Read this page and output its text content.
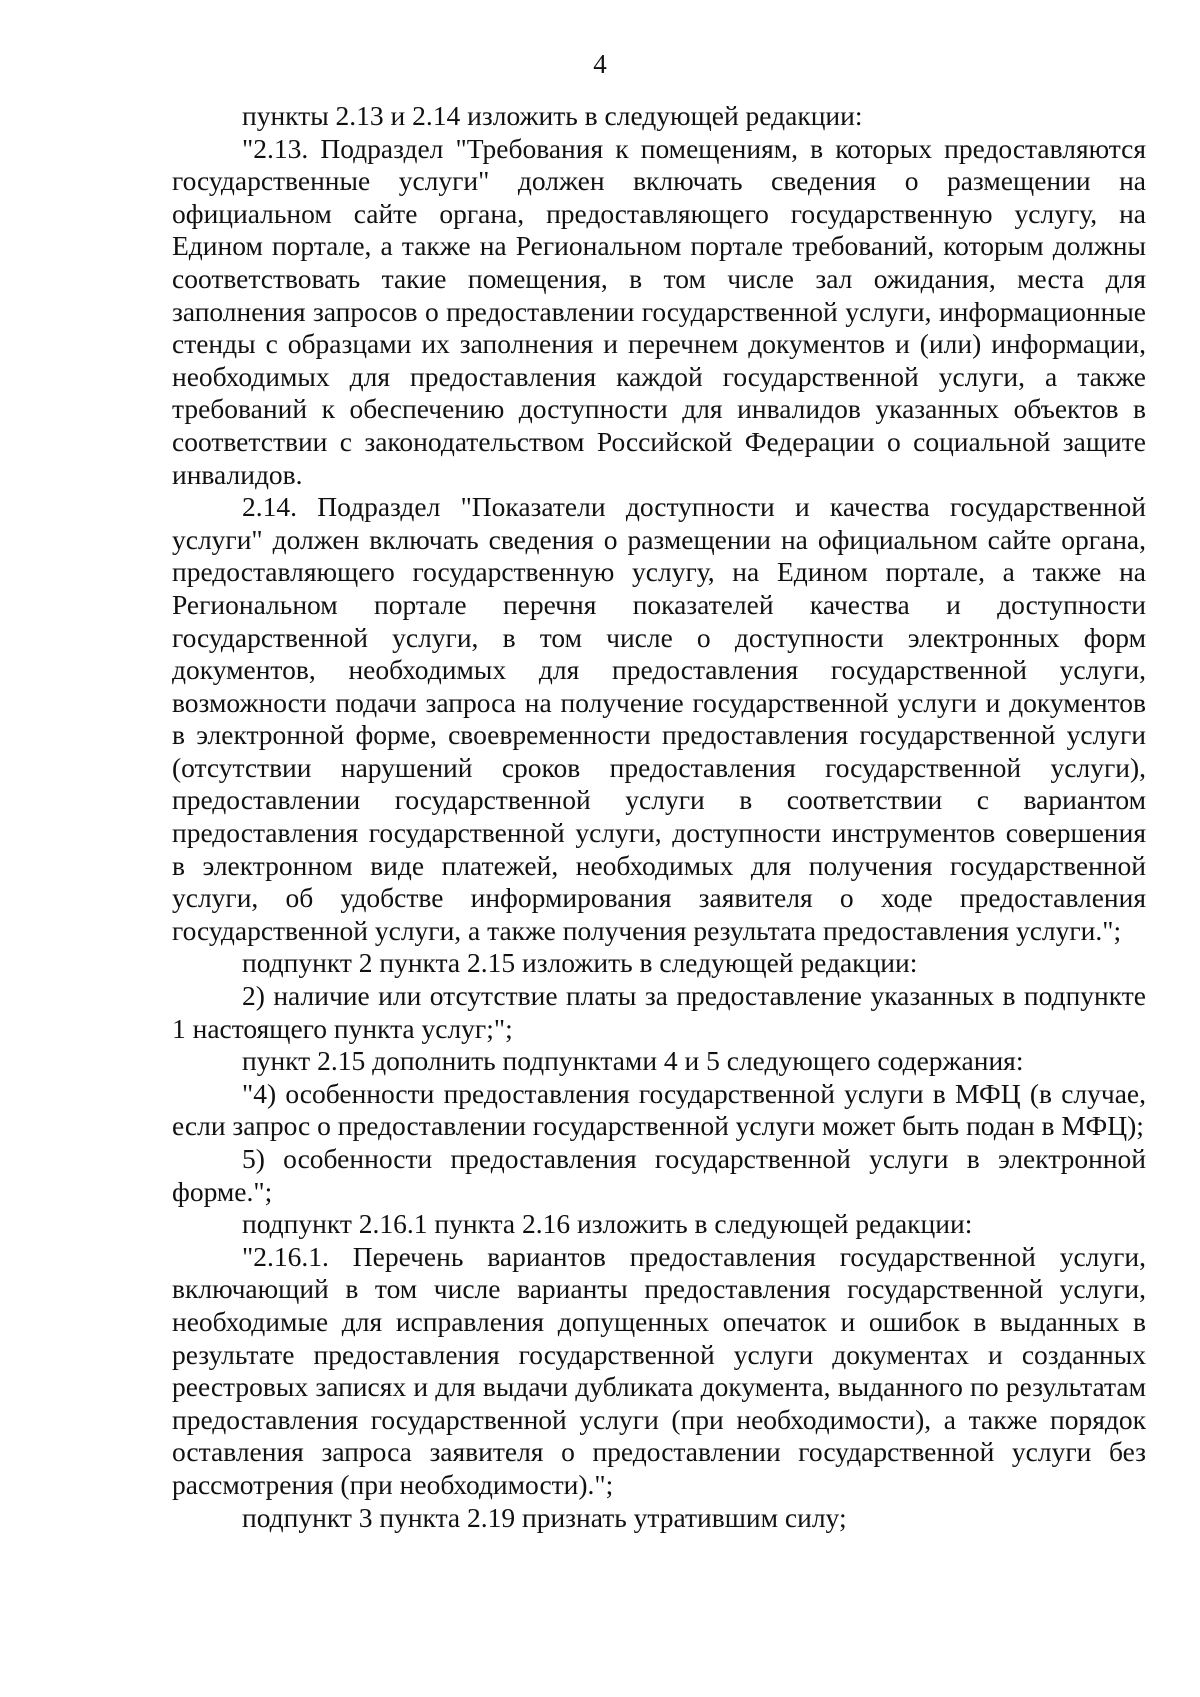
4

пункты 2.13 и 2.14 изложить в следующей редакции:

"2.13. Подраздел "Требования к помещениям, в которых предоставляются государственные услуги" должен включать сведения о размещении на официальном сайте органа, предоставляющего государственную услугу, на Едином портале, а также на Региональном портале требований, которым должны соответствовать такие помещения, в том числе зал ожидания, места для заполнения запросов о предоставлении государственной услуги, информационные стенды с образцами их заполнения и перечнем документов и (или) информации, необходимых для предоставления каждой государственной услуги, а также требований к обеспечению доступности для инвалидов указанных объектов в соответствии с законодательством Российской Федерации о социальной защите инвалидов.

2.14. Подраздел "Показатели доступности и качества государственной услуги" должен включать сведения о размещении на официальном сайте органа, предоставляющего государственную услугу, на Едином портале, а также на Региональном портале перечня показателей качества и доступности государственной услуги, в том числе о доступности электронных форм документов, необходимых для предоставления государственной услуги, возможности подачи запроса на получение государственной услуги и документов в электронной форме, своевременности предоставления государственной услуги (отсутствии нарушений сроков предоставления государственной услуги), предоставлении государственной услуги в соответствии с вариантом предоставления государственной услуги, доступности инструментов совершения в электронном виде платежей, необходимых для получения государственной услуги, об удобстве информирования заявителя о ходе предоставления государственной услуги, а также получения результата предоставления услуги.";

подпункт 2 пункта 2.15 изложить в следующей редакции:

2) наличие или отсутствие платы за предоставление указанных в подпункте 1 настоящего пункта услуг;";

пункт 2.15 дополнить подпунктами 4 и 5 следующего содержания:

"4) особенности предоставления государственной услуги в МФЦ (в случае, если запрос о предоставлении государственной услуги может быть подан в МФЦ);

5) особенности предоставления государственной услуги в электронной форме.";

подпункт 2.16.1 пункта 2.16 изложить в следующей редакции:

"2.16.1. Перечень вариантов предоставления государственной услуги, включающий в том числе варианты предоставления государственной услуги, необходимые для исправления допущенных опечаток и ошибок в выданных в результате предоставления государственной услуги документах и созданных реестровых записях и для выдачи дубликата документа, выданного по результатам предоставления государственной услуги (при необходимости), а также порядок оставления запроса заявителя о предоставлении государственной услуги без рассмотрения (при необходимости).";

подпункт 3 пункта 2.19 признать утратившим силу;
